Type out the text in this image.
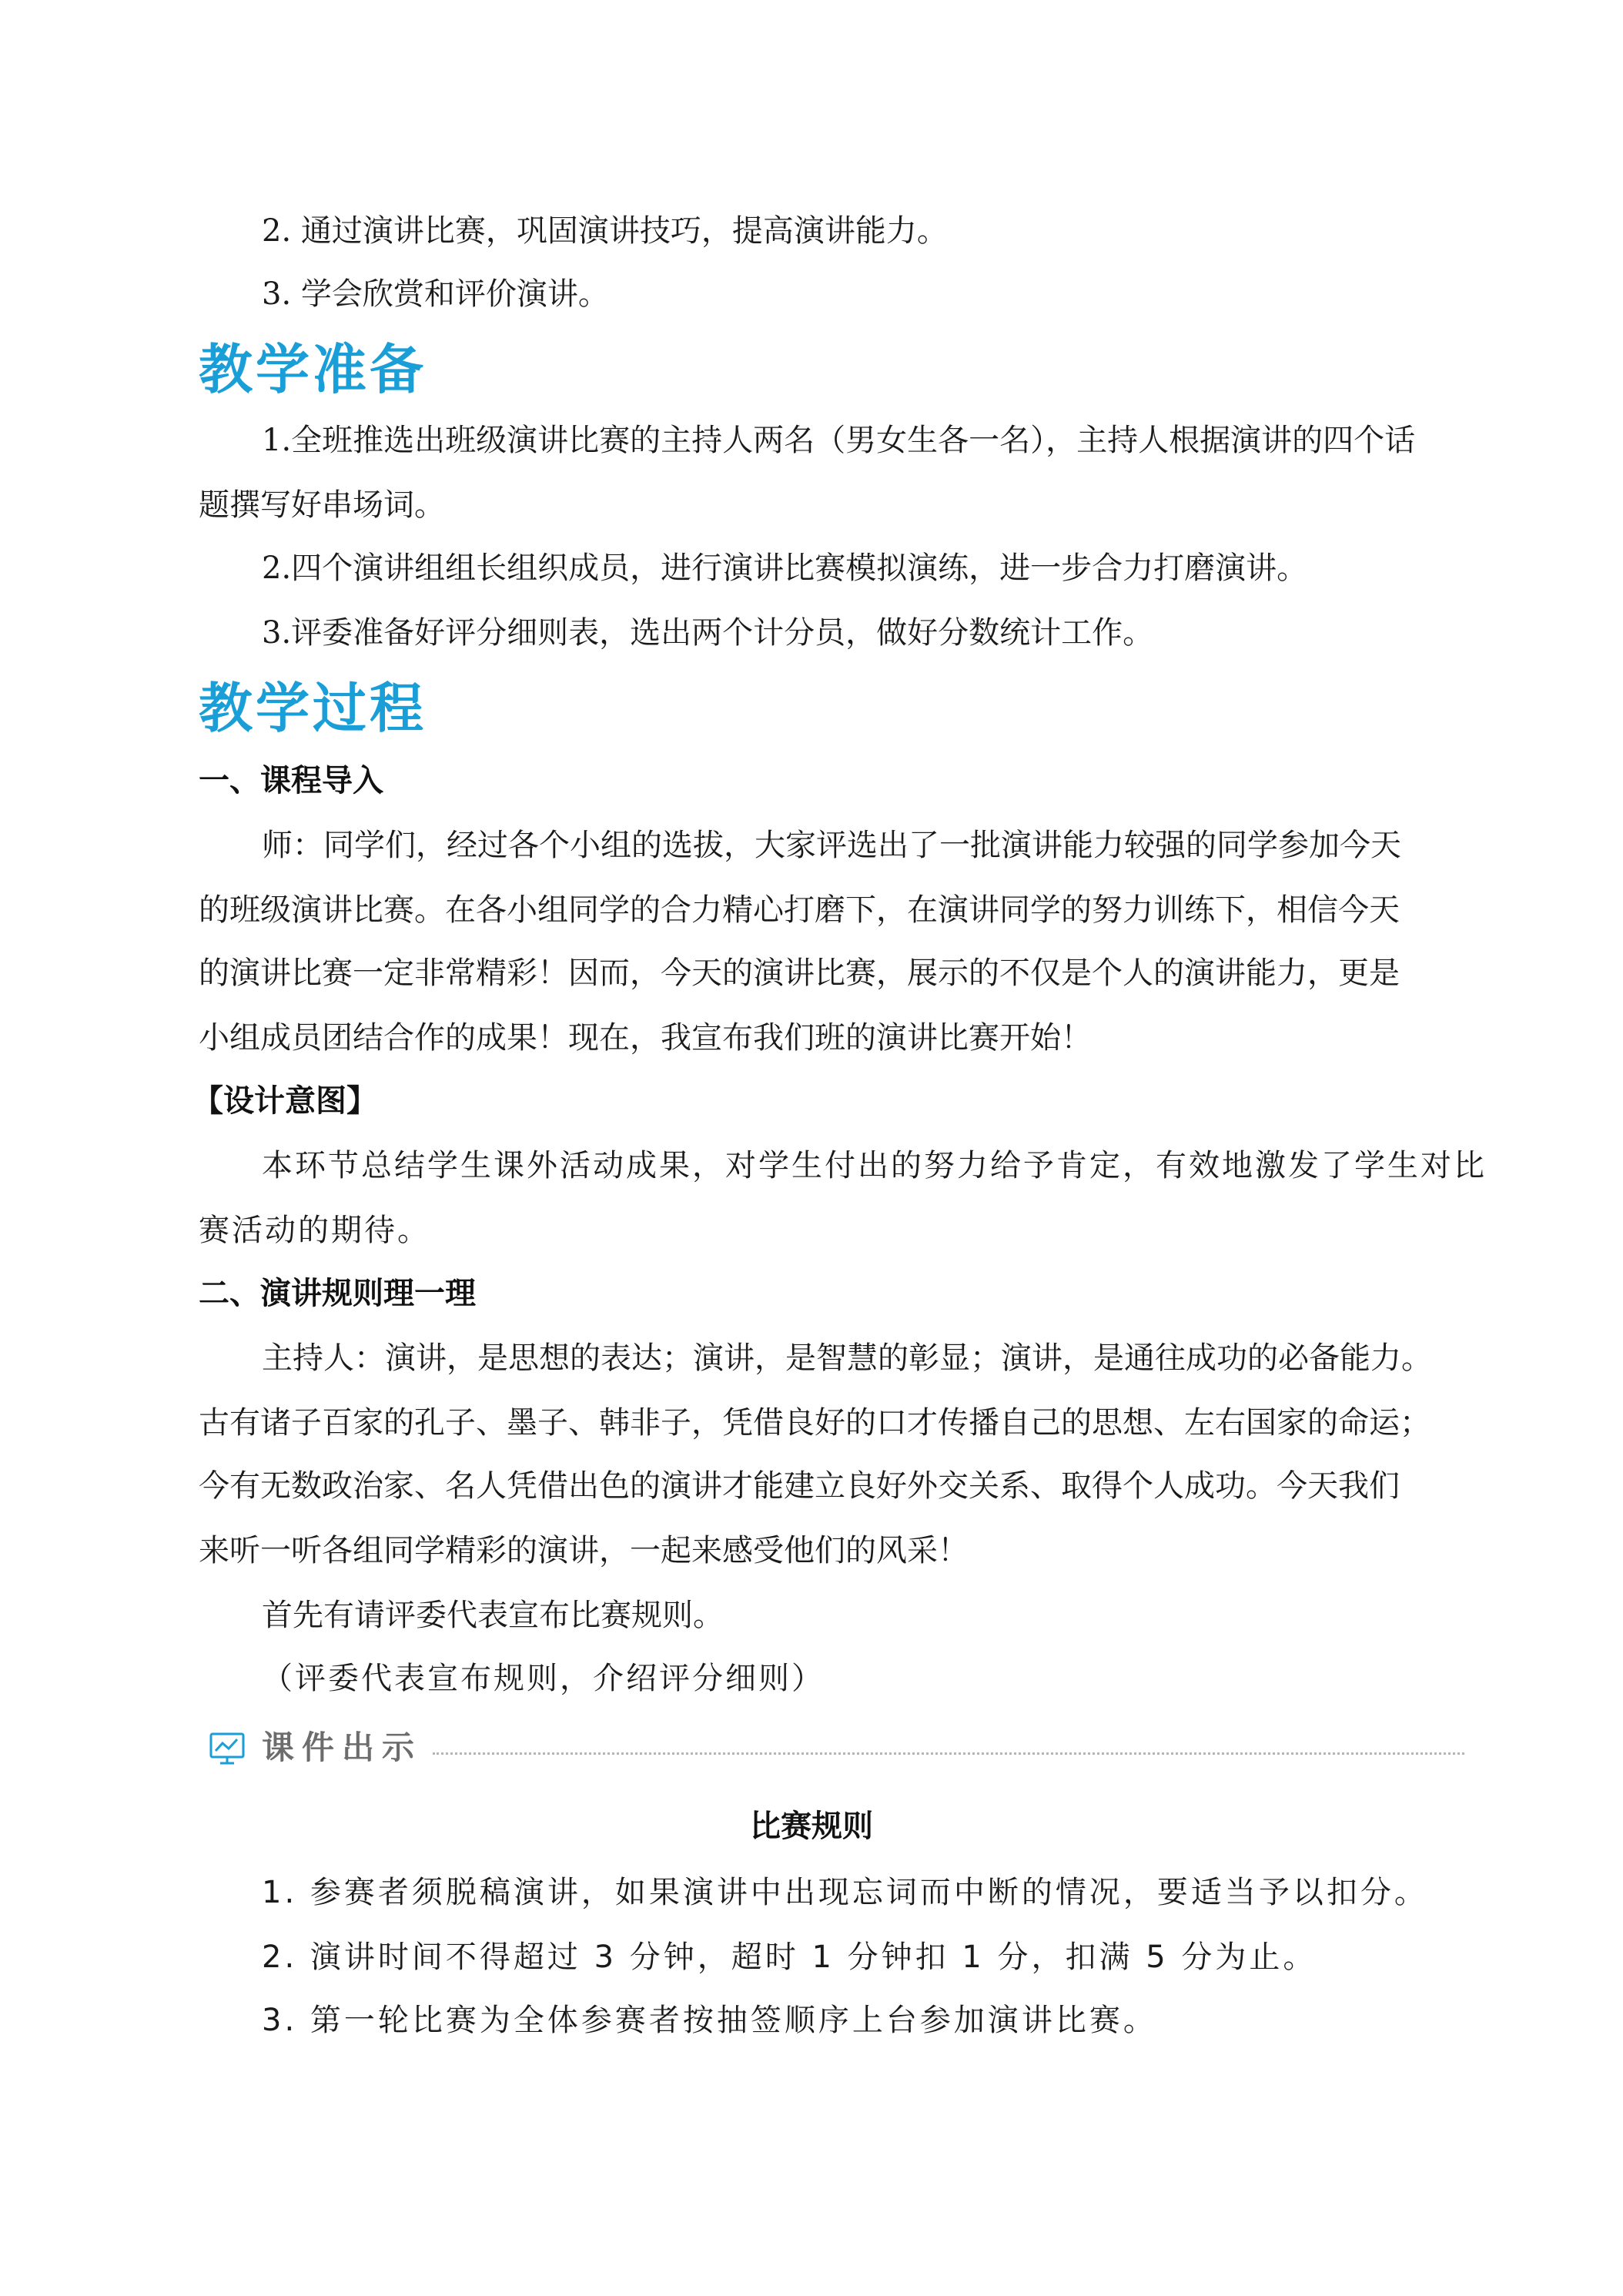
2. 通过演讲比赛，巩固演讲技巧，提高演讲能力。
3. 学会欣赏和评价演讲。
教学准备
1.全班推选出班级演讲比赛的主持人两名（男女生各一名），主持人根据演讲的四个话
题撰写好串场词。
2.四个演讲组组长组织成员，进行演讲比赛模拟演练，进一步合力打磨演讲。
3.评委准备好评分细则表，选出两个计分员，做好分数统计工作。
教学过程
一、课程导入
师：同学们，经过各个小组的选拔，大家评选出了一批演讲能力较强的同学参加今天
的班级演讲比赛。在各小组同学的合力精心打磨下，在演讲同学的努力训练下，相信今天
的演讲比赛一定非常精彩！因而，今天的演讲比赛，展示的不仅是个人的演讲能力，更是
小组成员团结合作的成果！现在，我宣布我们班的演讲比赛开始！
【设计意图】
本环节总结学生课外活动成果，对学生付出的努力给予肯定，有效地激发了学生对比
赛活动的期待。
二、演讲规则理一理
主持人：演讲，是思想的表达；演讲，是智慧的彰显；演讲，是通往成功的必备能力。
古有诸子百家的孔子、墨子、韩非子，凭借良好的口才传播自己的思想、左右国家的命运；
今有无数政治家、名人凭借出色的演讲才能建立良好外交关系、取得个人成功。今天我们
来听一听各组同学精彩的演讲，一起来感受他们的风采！
首先有请评委代表宣布比赛规则。
（评委代表宣布规则，介绍评分细则）
课件出示
比赛规则
1. 参赛者须脱稿演讲，如果演讲中出现忘词而中断的情况，要适当予以扣分。
2. 演讲时间不得超过 3 分钟，超时 1 分钟扣 1 分，扣满 5 分为止。
3. 第一轮比赛为全体参赛者按抽签顺序上台参加演讲比赛。
